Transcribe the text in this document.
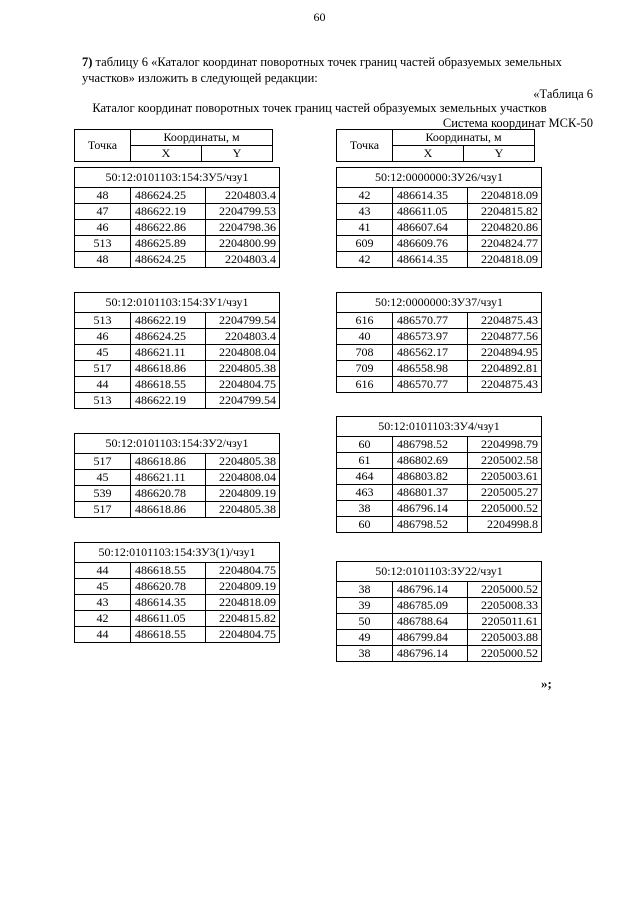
60
7) таблицу 6 «Каталог координат поворотных точек границ частей образуемых земельных участков» изложить в следующей редакции:
«Таблица 6
Каталог координат поворотных точек границ частей образуемых земельных участков
Система координат МСК-50
Точка	Координаты, м	
	X	Y
Точка	Координаты, м	
	X	Y
50:12:0101103:154:ЗУ5/чзу1		
48	486624.25	2204803.4
47	486622.19	2204799.53
46	486622.86	2204798.36
513	486625.89	2204800.99
48	486624.25	2204803.4
50:12:0101103:154:ЗУ1/чзу1		
513	486622.19	2204799.54
46	486624.25	2204803.4
45	486621.11	2204808.04
517	486618.86	2204805.38
44	486618.55	2204804.75
513	486622.19	2204799.54
50:12:0101103:154:ЗУ2/чзу1		
517	486618.86	2204805.38
45	486621.11	2204808.04
539	486620.78	2204809.19
517	486618.86	2204805.38
50:12:0101103:154:ЗУ3(1)/чзу1		
44	486618.55	2204804.75
45	486620.78	2204809.19
43	486614.35	2204818.09
42	486611.05	2204815.82
44	486618.55	2204804.75
50:12:0000000:ЗУ26/чзу1		
42	486614.35	2204818.09
43	486611.05	2204815.82
41	486607.64	2204820.86
609	486609.76	2204824.77
42	486614.35	2204818.09
50:12:0000000:ЗУ37/чзу1		
616	486570.77	2204875.43
40	486573.97	2204877.56
708	486562.17	2204894.95
709	486558.98	2204892.81
616	486570.77	2204875.43
50:12:0101103:ЗУ4/чзу1		
60	486798.52	2204998.79
61	486802.69	2205002.58
464	486803.82	2205003.61
463	486801.37	2205005.27
38	486796.14	2205000.52
60	486798.52	2204998.8
50:12:0101103:ЗУ22/чзу1		
38	486796.14	2205000.52
39	486785.09	2205008.33
50	486788.64	2205011.61
49	486799.84	2205003.88
38	486796.14	2205000.52
»;
